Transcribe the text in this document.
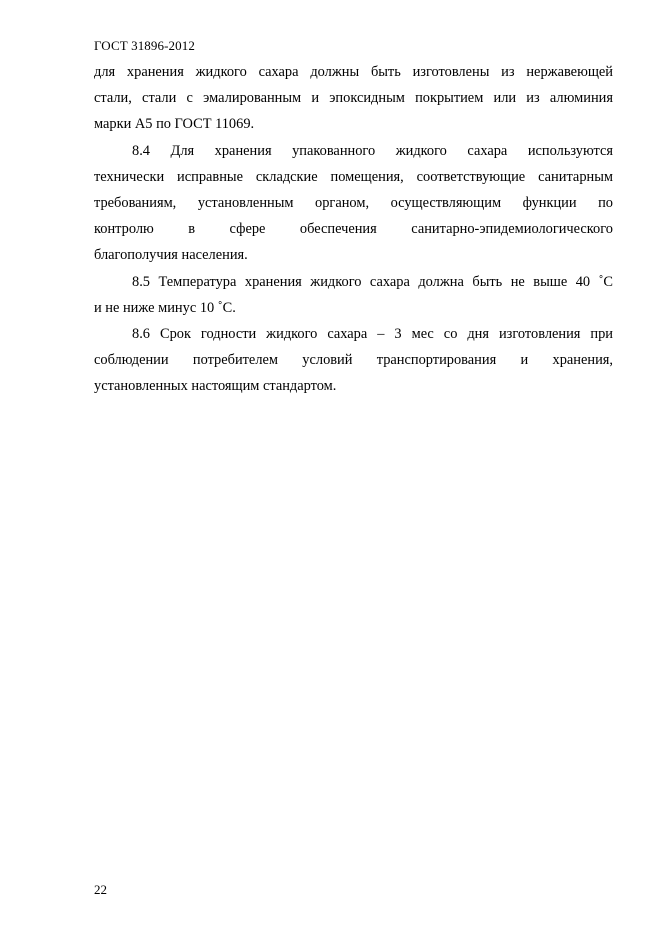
ГОСТ 31896-2012
для хранения жидкого сахара должны быть изготовлены из нержавеющей
стали, стали с эмалированным и эпоксидным покрытием или из алюминия
марки А5 по ГОСТ 11069.
8.4 Для хранения упакованного жидкого сахара используются
технически исправные складские помещения, соответствующие санитарным
требованиям, установленным органом, осуществляющим функции по
контролю в сфере обеспечения санитарно-эпидемиологического
благополучия населения.
8.5 Температура хранения жидкого сахара должна быть не выше 40 ˚С
и не ниже минус 10 ˚С.
8.6 Срок годности жидкого сахара – 3 мес со дня изготовления при
соблюдении потребителем условий транспортирования и хранения,
установленных настоящим стандартом.
22
